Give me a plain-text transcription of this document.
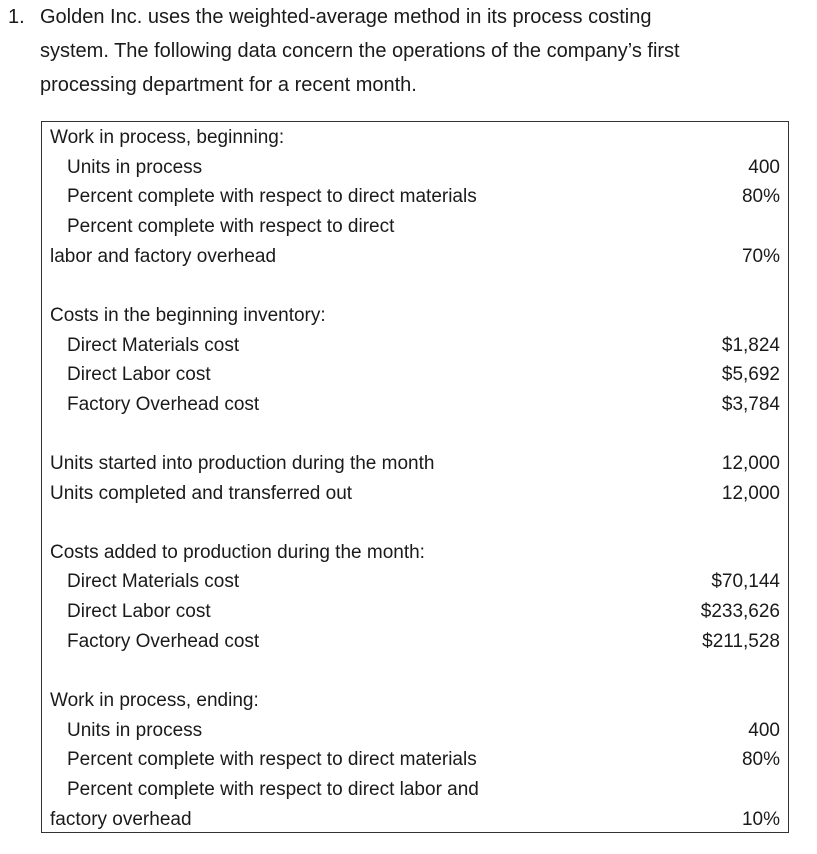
1. Golden Inc. uses the weighted-average method in its process costing
system. The following data concern the operations of the company’s first
processing department for a recent month.
Work in process, beginning:
Units in process	400
Percent complete with respect to direct materials	80%
Percent complete with respect to direct
labor and factory overhead	70%
Costs in the beginning inventory:
Direct Materials cost	$1,824
Direct Labor cost	$5,692
Factory Overhead cost	$3,784
Units started into production during the month	12,000
Units completed and transferred out	12,000
Costs added to production during the month:
Direct Materials cost	$70,144
Direct Labor cost	$233,626
Factory Overhead cost	$211,528
Work in process, ending:
Units in process	400
Percent complete with respect to direct materials	80%
Percent complete with respect to direct labor and
factory overhead	10%
